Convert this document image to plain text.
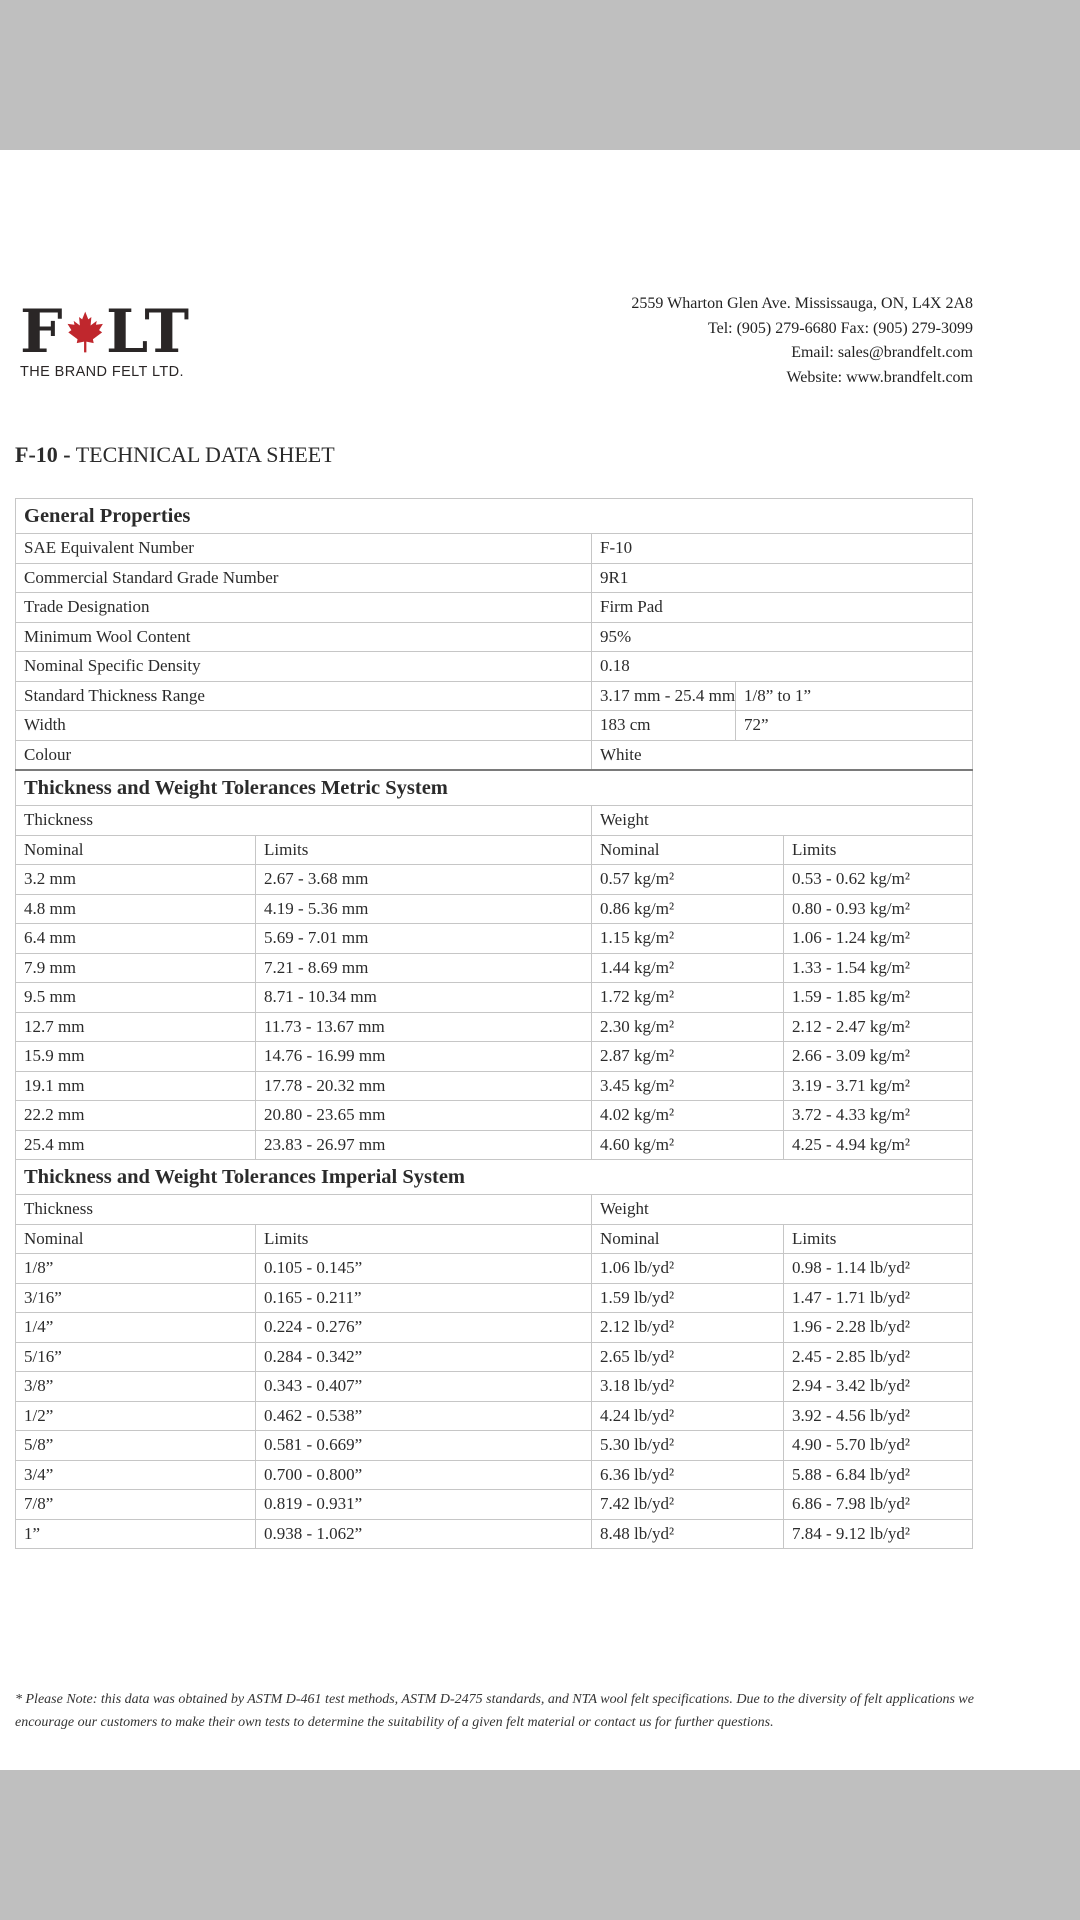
F LT
THE BRAND FELT LTD.
2559 Wharton Glen Ave. Mississauga, ON, L4X 2A8
Tel: (905) 279-6680 Fax: (905) 279-3099
Email: sales@brandfelt.com
Website: www.brandfelt.com
F-10 - TECHNICAL DATA SHEET
General Properties				
SAE Equivalent Number		F-10		
Commercial Standard Grade Number		9R1		
Trade Designation		Firm Pad		
Minimum Wool Content		95%		
Nominal Specific Density		0.18		
Standard Thickness Range		3.17 mm - 25.4 mm	1/8” to 1”	
Width		183 cm	72”	
Colour		White		
Thickness and Weight Tolerances Metric System				
Thickness		Weight		
Nominal	Limits	Nominal		Limits
3.2 mm	2.67 - 3.68 mm	0.57 kg/m²		0.53 - 0.62 kg/m²
4.8 mm	4.19 - 5.36 mm	0.86 kg/m²		0.80 - 0.93 kg/m²
6.4 mm	5.69 - 7.01 mm	1.15 kg/m²		1.06 - 1.24 kg/m²
7.9 mm	7.21 - 8.69 mm	1.44 kg/m²		1.33 - 1.54 kg/m²
9.5 mm	8.71 - 10.34 mm	1.72 kg/m²		1.59 - 1.85 kg/m²
12.7 mm	11.73 - 13.67 mm	2.30 kg/m²		2.12 - 2.47 kg/m²
15.9 mm	14.76 - 16.99 mm	2.87 kg/m²		2.66 - 3.09 kg/m²
19.1 mm	17.78 - 20.32 mm	3.45 kg/m²		3.19 - 3.71 kg/m²
22.2 mm	20.80 - 23.65 mm	4.02 kg/m²		3.72 - 4.33 kg/m²
25.4 mm	23.83 - 26.97 mm	4.60 kg/m²		4.25 - 4.94 kg/m²
Thickness and Weight Tolerances Imperial System				
Thickness		Weight		
Nominal	Limits	Nominal		Limits
1/8”	0.105 - 0.145”	1.06 lb/yd²		0.98 - 1.14 lb/yd²
3/16”	0.165 - 0.211”	1.59 lb/yd²		1.47 - 1.71 lb/yd²
1/4”	0.224 - 0.276”	2.12 lb/yd²		1.96 - 2.28 lb/yd²
5/16”	0.284 - 0.342”	2.65 lb/yd²		2.45 - 2.85 lb/yd²
3/8”	0.343 - 0.407”	3.18 lb/yd²		2.94 - 3.42 lb/yd²
1/2”	0.462 - 0.538”	4.24 lb/yd²		3.92 - 4.56 lb/yd²
5/8”	0.581 - 0.669”	5.30 lb/yd²		4.90 - 5.70 lb/yd²
3/4”	0.700 - 0.800”	6.36 lb/yd²		5.88 - 6.84 lb/yd²
7/8”	0.819 - 0.931”	7.42 lb/yd²		6.86 - 7.98 lb/yd²
1”	0.938 - 1.062”	8.48 lb/yd²		7.84 - 9.12 lb/yd²
* Please Note: this data was obtained by ASTM D-461 test methods, ASTM D-2475 standards, and NTA wool felt specifications. Due to the diversity of felt applications we encourage our customers to make their own tests to determine the suitability of a given felt material or contact us for further questions.
